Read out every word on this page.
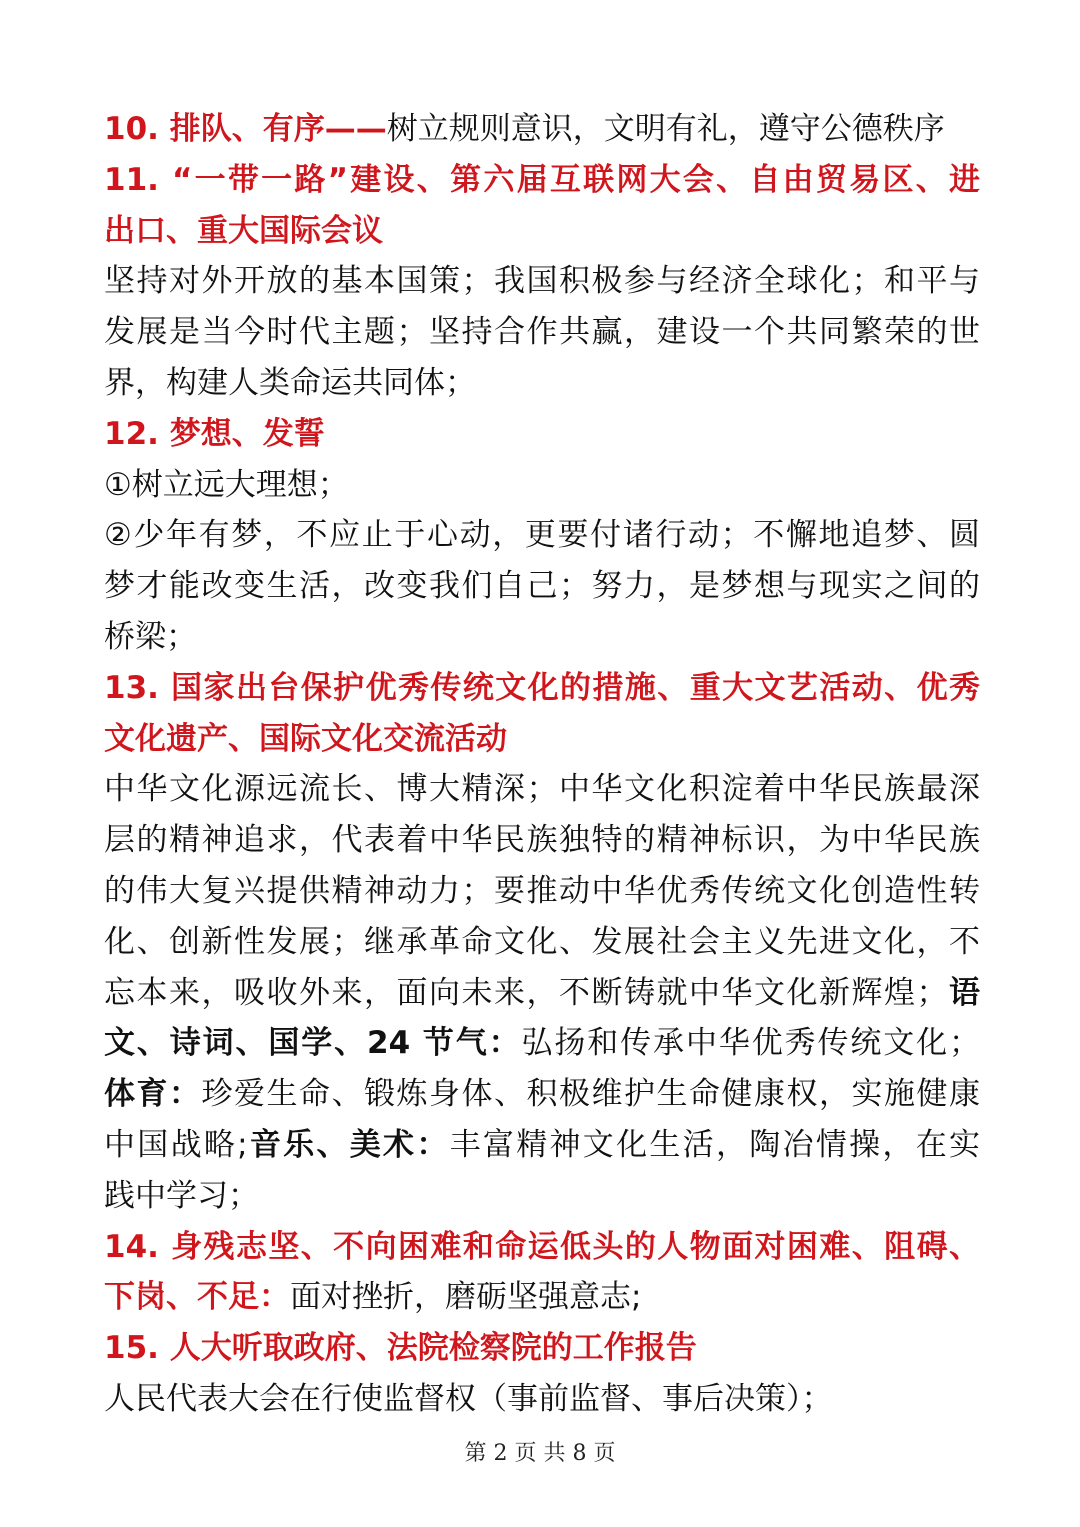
10. 排队、有序——树立规则意识，文明有礼，遵守公德秩序
11. “一带一路”建设、第六届互联网大会、自由贸易区、进
出口、重大国际会议
坚持对外开放的基本国策；我国积极参与经济全球化；和平与
发展是当今时代主题；坚持合作共赢，建设一个共同繁荣的世
界，构建人类命运共同体；
12. 梦想、发誓
①树立远大理想；
②少年有梦，不应止于心动，更要付诸行动；不懈地追梦、圆
梦才能改变生活，改变我们自己；努力，是梦想与现实之间的
桥梁；
13. 国家出台保护优秀传统文化的措施、重大文艺活动、优秀
文化遗产、国际文化交流活动
中华文化源远流长、博大精深；中华文化积淀着中华民族最深
层的精神追求，代表着中华民族独特的精神标识，为中华民族
的伟大复兴提供精神动力；要推动中华优秀传统文化创造性转
化、创新性发展；继承革命文化、发展社会主义先进文化，不
忘本来，吸收外来，面向未来，不断铸就中华文化新辉煌；语
文、诗词、国学、24 节气：弘扬和传承中华优秀传统文化；
体育：珍爱生命、锻炼身体、积极维护生命健康权，实施健康
中国战略;音乐、美术：丰富精神文化生活，陶冶情操，在实
践中学习；
14. 身残志坚、不向困难和命运低头的人物面对困难、阻碍、
下岗、不足：面对挫折，磨砺坚强意志;
15. 人大听取政府、法院检察院的工作报告
人民代表大会在行使监督权（事前监督、事后决策）；
第 2 页 共 8 页
